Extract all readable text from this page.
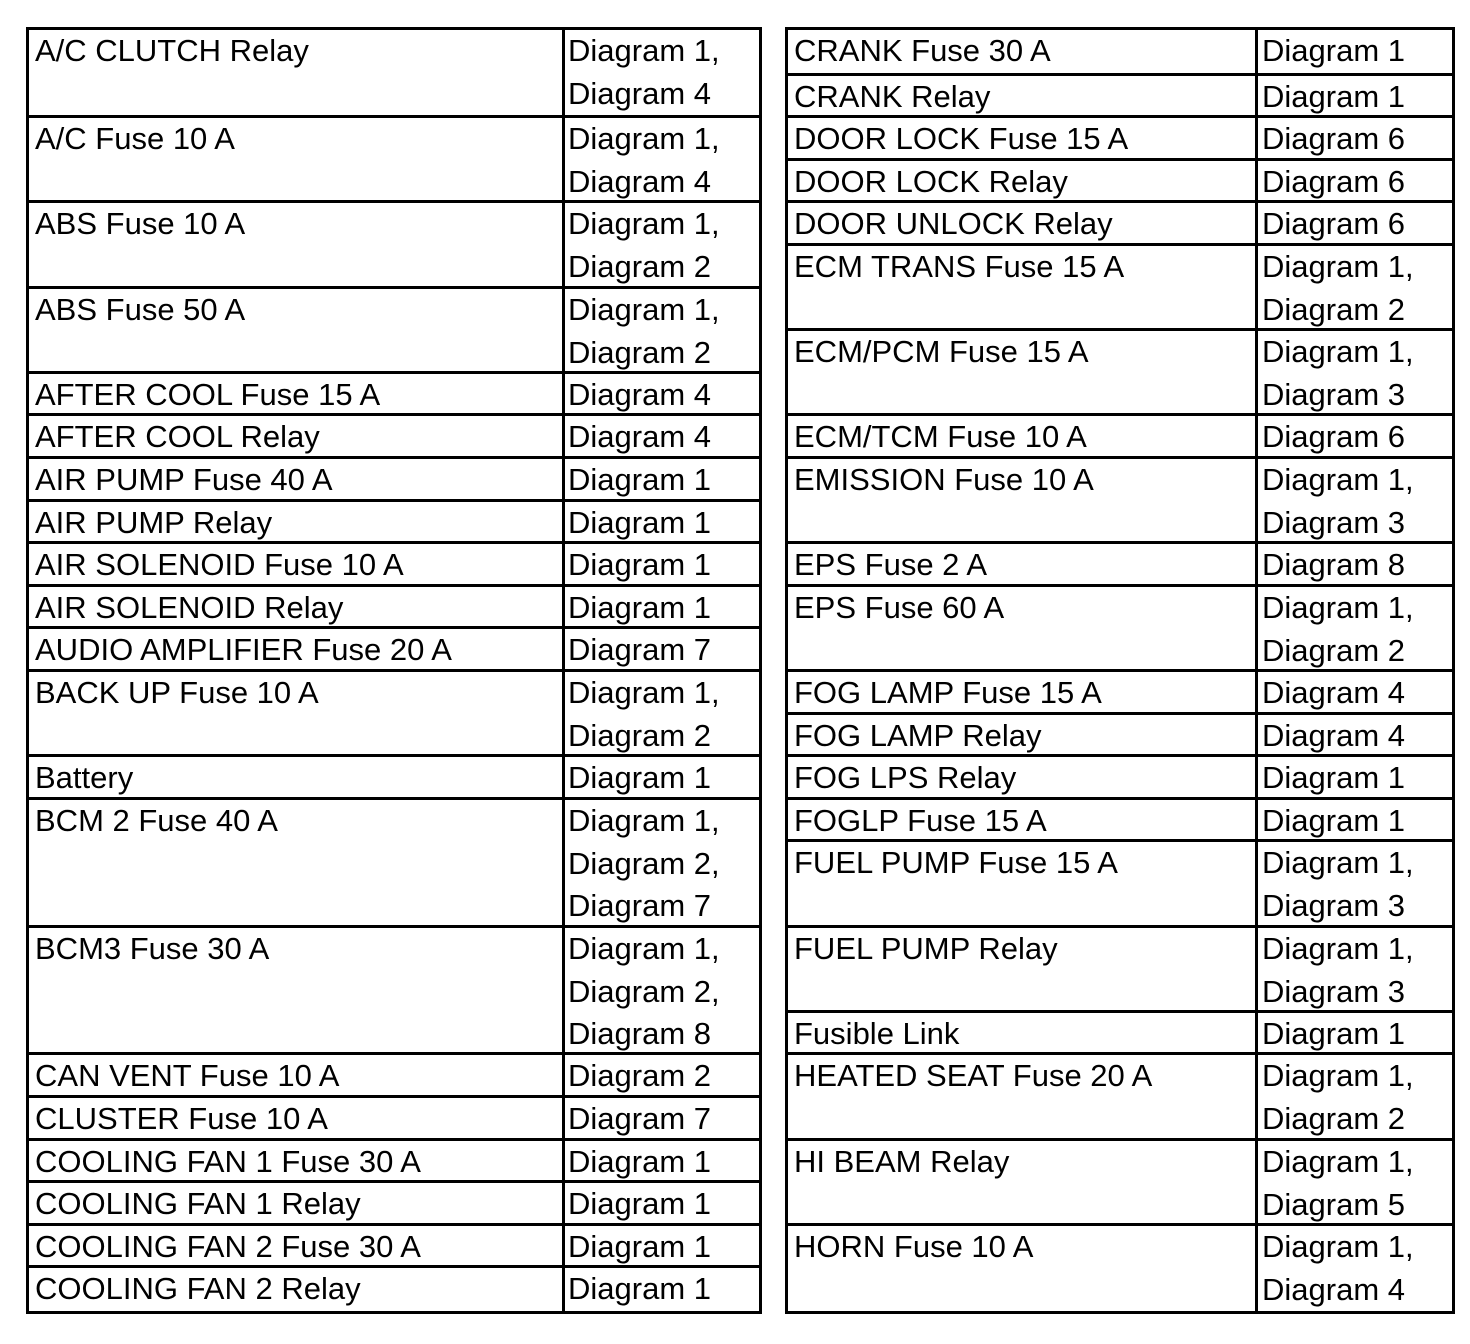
A/C CLUTCH Relay	Diagram 1,
Diagram 4
A/C Fuse 10 A	Diagram 1,
Diagram 4
ABS Fuse 10 A	Diagram 1,
Diagram 2
ABS Fuse 50 A	Diagram 1,
Diagram 2
AFTER COOL Fuse 15 A	Diagram 4
AFTER COOL Relay	Diagram 4
AIR PUMP Fuse 40 A	Diagram 1
AIR PUMP Relay	Diagram 1
AIR SOLENOID Fuse 10 A	Diagram 1
AIR SOLENOID Relay	Diagram 1
AUDIO AMPLIFIER Fuse 20 A	Diagram 7
BACK UP Fuse 10 A	Diagram 1,
Diagram 2
Battery	Diagram 1
BCM 2 Fuse 40 A	Diagram 1,
Diagram 2,
Diagram 7
BCM3 Fuse 30 A	Diagram 1,
Diagram 2,
Diagram 8
CAN VENT Fuse 10 A	Diagram 2
CLUSTER Fuse 10 A	Diagram 7
COOLING FAN 1 Fuse 30 A	Diagram 1
COOLING FAN 1 Relay	Diagram 1
COOLING FAN 2 Fuse 30 A	Diagram 1
COOLING FAN 2 Relay	Diagram 1
CRANK Fuse 30 A	Diagram 1
CRANK Relay	Diagram 1
DOOR LOCK Fuse 15 A	Diagram 6
DOOR LOCK Relay	Diagram 6
DOOR UNLOCK Relay	Diagram 6
ECM TRANS Fuse 15 A	Diagram 1,
Diagram 2
ECM/PCM Fuse 15 A	Diagram 1,
Diagram 3
ECM/TCM Fuse 10 A	Diagram 6
EMISSION Fuse 10 A	Diagram 1,
Diagram 3
EPS Fuse 2 A	Diagram 8
EPS Fuse 60 A	Diagram 1,
Diagram 2
FOG LAMP Fuse 15 A	Diagram 4
FOG LAMP Relay	Diagram 4
FOG LPS Relay	Diagram 1
FOGLP Fuse 15 A	Diagram 1
FUEL PUMP Fuse 15 A	Diagram 1,
Diagram 3
FUEL PUMP Relay	Diagram 1,
Diagram 3
Fusible Link	Diagram 1
HEATED SEAT Fuse 20 A	Diagram 1,
Diagram 2
HI BEAM Relay	Diagram 1,
Diagram 5
HORN Fuse 10 A	Diagram 1,
Diagram 4
